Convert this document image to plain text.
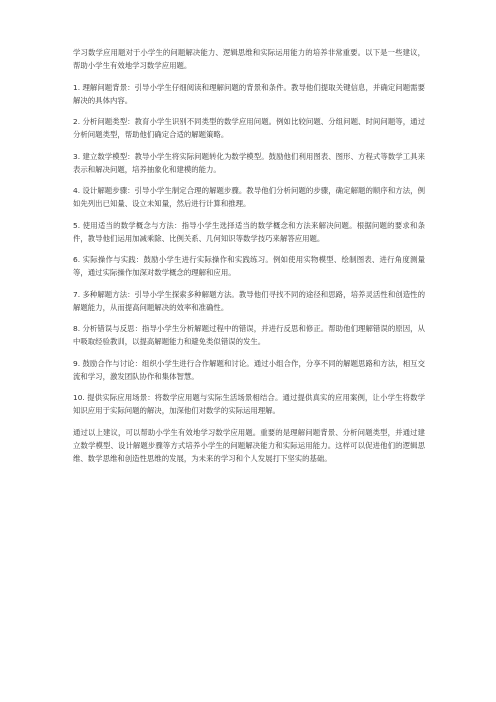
学习数学应用题对于小学生的问题解决能力、逻辑思维和实际运用能力的培养非常重要。以下是一些建议，帮助小学生有效地学习数学应用题。

1. 理解问题背景：引导小学生仔细阅读和理解问题的背景和条件。教导他们提取关键信息，并确定问题需要解决的具体内容。

2. 分析问题类型：教育小学生识别不同类型的数学应用问题。例如比较问题、分组问题、时间问题等，通过分析问题类型，帮助他们确定合适的解题策略。

3. 建立数学模型：教导小学生将实际问题转化为数学模型。鼓励他们利用图表、图形、方程式等数学工具来表示和解决问题，培养抽象化和建模的能力。

4. 设计解题步骤：引导小学生制定合理的解题步骤。教导他们分析问题的步骤，确定解题的顺序和方法，例如先列出已知量、设立未知量，然后进行计算和推理。

5. 使用适当的数学概念与方法：指导小学生选择适当的数学概念和方法来解决问题。根据问题的要求和条件，教导他们运用加减乘除、比例关系、几何知识等数学技巧来解答应用题。

6. 实际操作与实践：鼓励小学生进行实际操作和实践练习。例如使用实物模型、绘制图表、进行角度测量等，通过实际操作加深对数学概念的理解和应用。

7. 多种解题方法：引导小学生探索多种解题方法。教导他们寻找不同的途径和思路，培养灵活性和创造性的解题能力，从而提高问题解决的效率和准确性。

8. 分析错误与反思：指导小学生分析解题过程中的错误，并进行反思和修正。帮助他们理解错误的原因，从中吸取经验教训，以提高解题能力和避免类似错误的发生。

9. 鼓励合作与讨论：组织小学生进行合作解题和讨论。通过小组合作，分享不同的解题思路和方法，相互交流和学习，激发团队协作和集体智慧。

10. 提供实际应用场景：将数学应用题与实际生活场景相结合。通过提供真实的应用案例，让小学生将数学知识应用于实际问题的解决，加深他们对数学的实际运用理解。

通过以上建议，可以帮助小学生有效地学习数学应用题。重要的是理解问题背景、分析问题类型，并通过建立数学模型、设计解题步骤等方式培养小学生的问题解决能力和实际运用能力。这样可以促进他们的逻辑思维、数学思维和创造性思维的发展，为未来的学习和个人发展打下坚实的基础。
